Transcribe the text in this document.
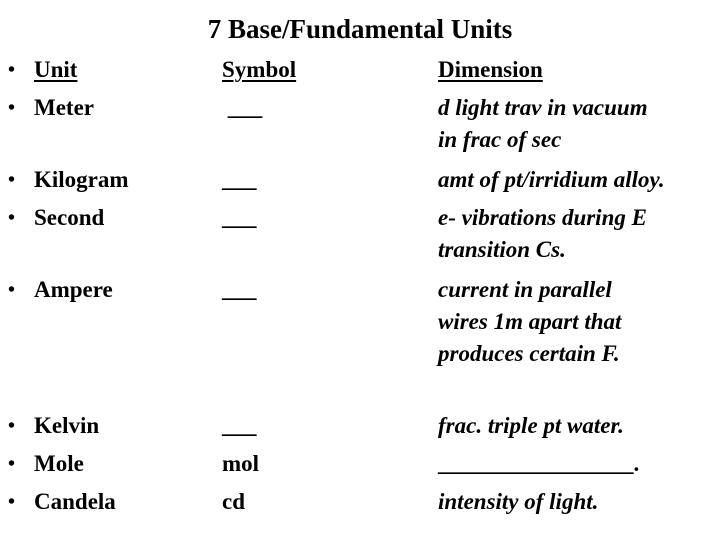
7 Base/Fundamental Units
• Unit	Symbol	Dimension
• Meter	___	d light trav in vacuum
in frac of sec
• Kilogram	___	amt of pt/irridium alloy.
• Second	___	e- vibrations during E
transition Cs.
• Ampere	___	current in parallel
wires 1m apart that
produces certain F.
• Kelvin	___	frac. triple pt water.
• Mole	mol	_________________.
• Candela	cd	intensity of light.
